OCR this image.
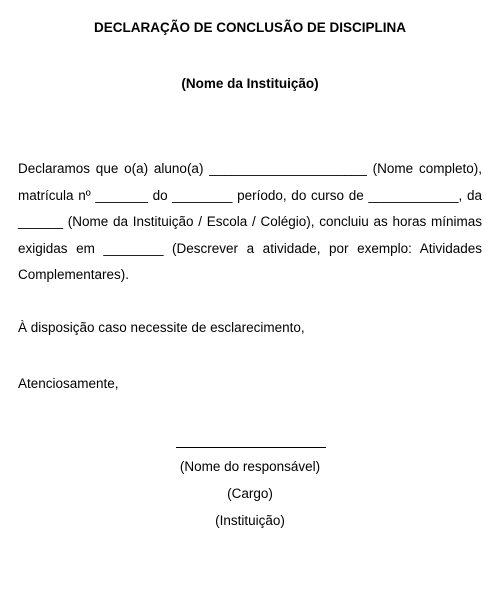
DECLARAÇÃO DE CONCLUSÃO DE DISCIPLINA
(Nome da Instituição)
Declaramos que o(a) aluno(a) _____________________ (Nome completo), matrícula nº _______ do ________ período, do curso de ____________, da ______ (Nome da Instituição / Escola / Colégio), concluiu as horas mínimas exigidas em ________ (Descrever a atividade, por exemplo: Atividades Complementares).
À disposição caso necessite de esclarecimento,
Atenciosamente,
(Nome do responsável)
(Cargo)
(Instituição)
